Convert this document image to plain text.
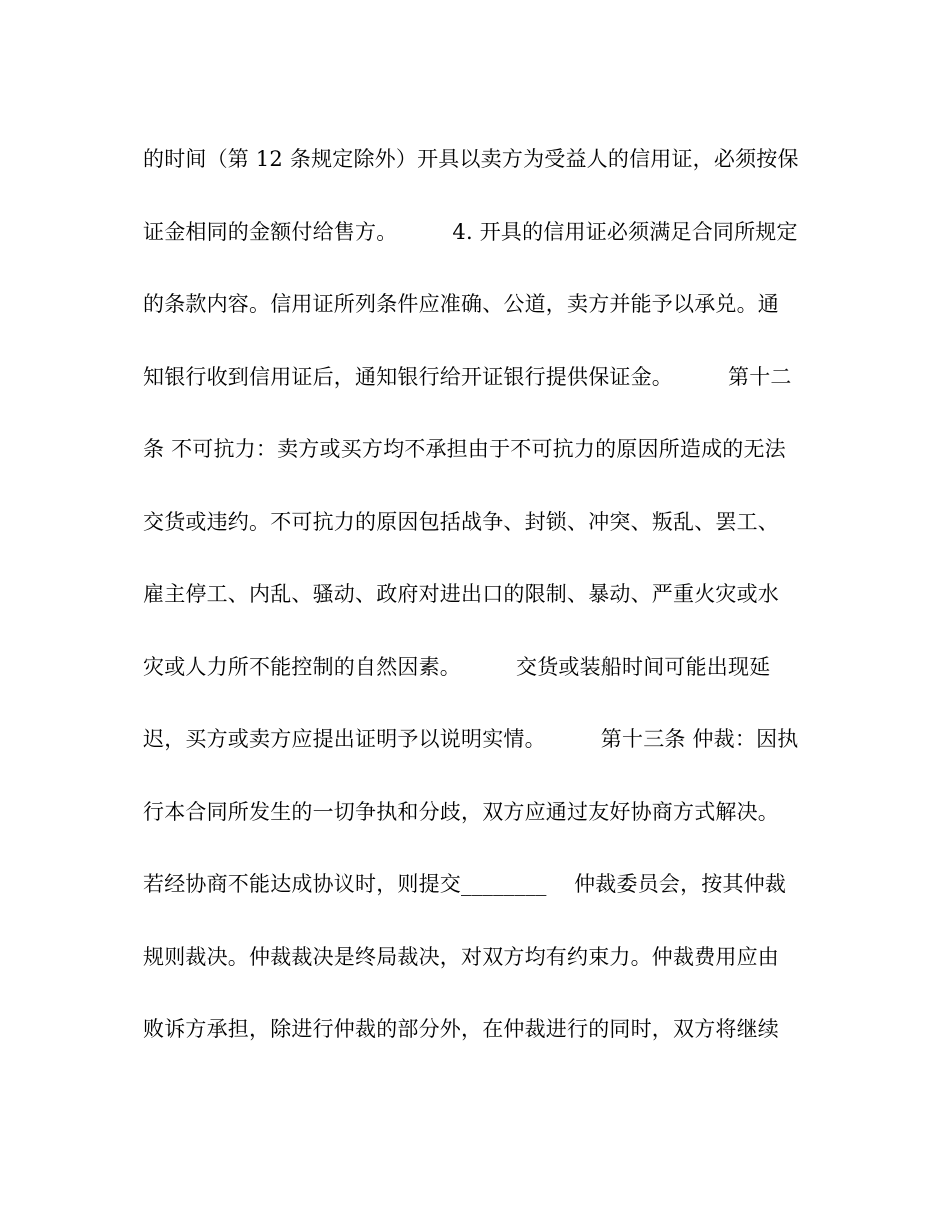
的时间（第 12 条规定除外）开具以卖方为受益人的信用证，必须按保
证金相同的金额付给售方。        4. 开具的信用证必须满足合同所规定
的条款内容。信用证所列条件应准确、公道，卖方并能予以承兑。通
知银行收到信用证后，通知银行给开证银行提供保证金。        第十二
条 不可抗力：卖方或买方均不承担由于不可抗力的原因所造成的无法
交货或违约。不可抗力的原因包括战争、封锁、冲突、叛乱、罢工、
雇主停工、内乱、骚动、政府对进出口的限制、暴动、严重火灾或水
灾或人力所不能控制的自然因素。        交货或装船时间可能出现延
迟，买方或卖方应提出证明予以说明实情。        第十三条 仲裁：因执
行本合同所发生的一切争执和分歧，双方应通过友好协商方式解决。
若经协商不能达成协议时，则提交________    仲裁委员会，按其仲裁
规则裁决。仲裁裁决是终局裁决，对双方均有约束力。仲裁费用应由
败诉方承担，除进行仲裁的部分外，在仲裁进行的同时，双方将继续
